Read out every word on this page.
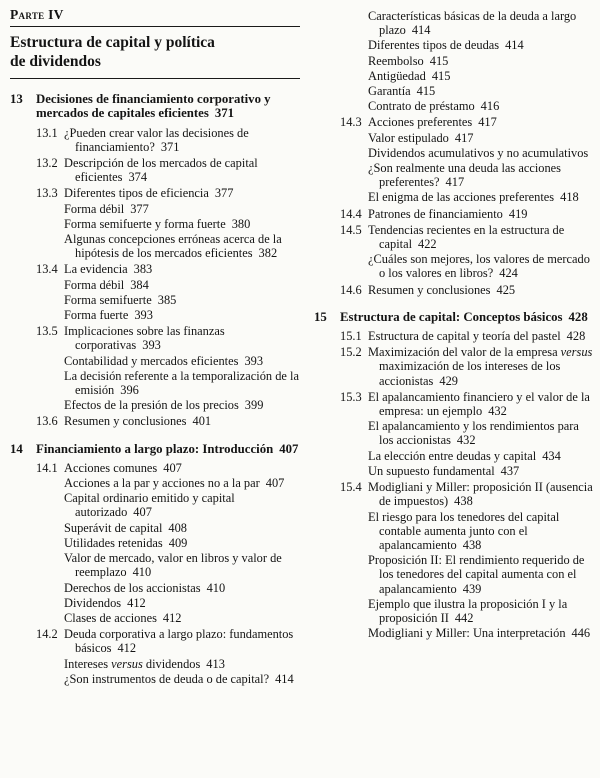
Parte IV
Estructura de capital y política
de dividendos
13 Decisiones de financiamiento corporativo y mercados de capitales eficientes 371
13.1 ¿Pueden crear valor las decisiones de financiamiento? 371
13.2 Descripción de los mercados de capital eficientes 374
13.3 Diferentes tipos de eficiencia 377
Forma débil 377
Forma semifuerte y forma fuerte 380
Algunas concepciones erróneas acerca de la hipótesis de los mercados eficientes 382
13.4 La evidencia 383
Forma débil 384
Forma semifuerte 385
Forma fuerte 393
13.5 Implicaciones sobre las finanzas corporativas 393
Contabilidad y mercados eficientes 393
La decisión referente a la temporalización de la emisión 396
Efectos de la presión de los precios 399
13.6 Resumen y conclusiones 401
14 Financiamiento a largo plazo: Introducción 407
14.1 Acciones comunes 407
Acciones a la par y acciones no a la par 407
Capital ordinario emitido y capital autorizado 407
Superávit de capital 408
Utilidades retenidas 409
Valor de mercado, valor en libros y valor de reemplazo 410
Derechos de los accionistas 410
Dividendos 412
Clases de acciones 412
14.2 Deuda corporativa a largo plazo: fundamentos básicos 412
Intereses versus dividendos 413
¿Son instrumentos de deuda o de capital? 414
Características básicas de la deuda a largo plazo 414
Diferentes tipos de deudas 414
Reembolso 415
Antigüedad 415
Garantía 415
Contrato de préstamo 416
14.3 Acciones preferentes 417
Valor estipulado 417
Dividendos acumulativos y no acumulativos
¿Son realmente una deuda las acciones preferentes? 417
El enigma de las acciones preferentes 418
14.4 Patrones de financiamiento 419
14.5 Tendencias recientes en la estructura de capital 422
¿Cuáles son mejores, los valores de mercado o los valores en libros? 424
14.6 Resumen y conclusiones 425
15 Estructura de capital: Conceptos básicos 428
15.1 Estructura de capital y teoría del pastel 428
15.2 Maximización del valor de la empresa versus maximización de los intereses de los accionistas 429
15.3 El apalancamiento financiero y el valor de la empresa: un ejemplo 432
El apalancamiento y los rendimientos para los accionistas 432
La elección entre deudas y capital 434
Un supuesto fundamental 437
15.4 Modigliani y Miller: proposición II (ausencia de impuestos) 438
El riesgo para los tenedores del capital contable aumenta junto con el apalancamiento 438
Proposición II: El rendimiento requerido de los tenedores del capital aumenta con el apalancamiento 439
Ejemplo que ilustra la proposición I y la proposición II 442
Modigliani y Miller: Una interpretación 446
